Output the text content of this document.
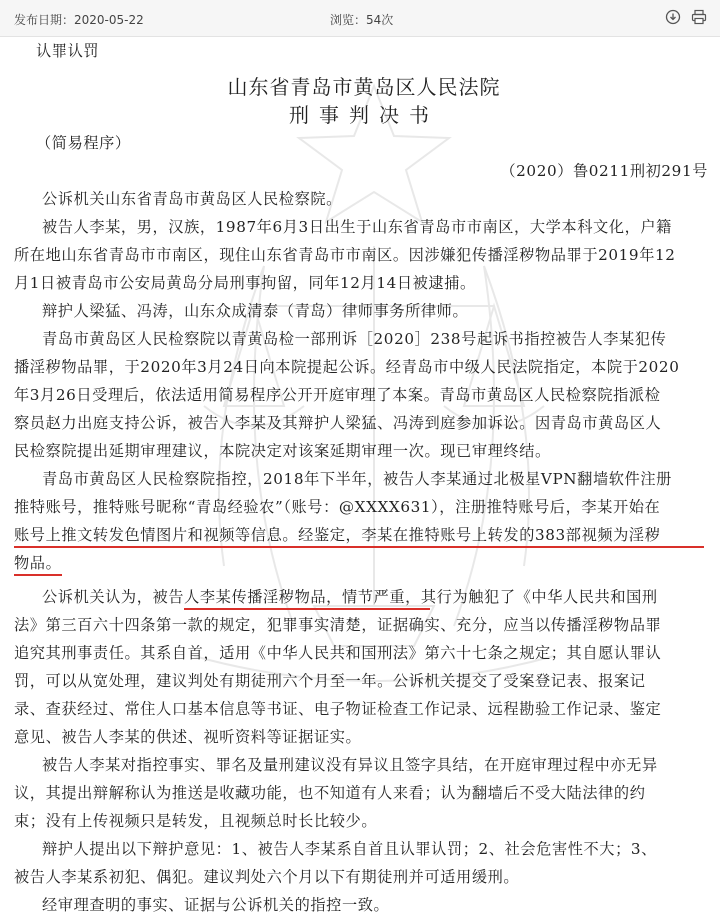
发布日期：2020-05-22	浏览：54次
认罪认罚
山东省青岛市黄岛区人民法院
刑事判决书
（简易程序）
（2020）鲁0211刑初291号
公诉机关山东省青岛市黄岛区人民检察院。
被告人李某，男，汉族，1987年6月3日出生于山东省青岛市市南区，大学本科文化，户籍
所在地山东省青岛市市南区，现住山东省青岛市市南区。因涉嫌犯传播淫秽物品罪于2019年12
月1日被青岛市公安局黄岛分局刑事拘留，同年12月14日被逮捕。
辩护人梁猛、冯涛，山东众成清泰（青岛）律师事务所律师。
青岛市黄岛区人民检察院以青黄岛检一部刑诉［2020］238号起诉书指控被告人李某犯传
播淫秽物品罪，于2020年3月24日向本院提起公诉。经青岛市中级人民法院指定，本院于2020
年3月26日受理后，依法适用简易程序公开开庭审理了本案。青岛市黄岛区人民检察院指派检
察员赵力出庭支持公诉，被告人李某及其辩护人梁猛、冯涛到庭参加诉讼。因青岛市黄岛区人
民检察院提出延期审理建议，本院决定对该案延期审理一次。现已审理终结。
青岛市黄岛区人民检察院指控，2018年下半年，被告人李某通过北极星VPN翻墙软件注册
推特账号，推特账号昵称“青岛经验农”（账号：@XXXX631），注册推特账号后，李某开始在
账号上推文转发色情图片和视频等信息。经鉴定，李某在推特账号上转发的383部视频为淫秽
物品。
公诉机关认为，被告人李某传播淫秽物品，情节严重，其行为触犯了《中华人民共和国刑
法》第三百六十四条第一款的规定，犯罪事实清楚，证据确实、充分，应当以传播淫秽物品罪
追究其刑事责任。其系自首，适用《中华人民共和国刑法》第六十七条之规定；其自愿认罪认
罚，可以从宽处理，建议判处有期徒刑六个月至一年。公诉机关提交了受案登记表、报案记
录、查获经过、常住人口基本信息等书证、电子物证检查工作记录、远程勘验工作记录、鉴定
意见、被告人李某的供述、视听资料等证据证实。
被告人李某对指控事实、罪名及量刑建议没有异议且签字具结，在开庭审理过程中亦无异
议，其提出辩解称认为推送是收藏功能，也不知道有人来看；认为翻墙后不受大陆法律的约
束；没有上传视频只是转发，且视频总时长比较少。
辩护人提出以下辩护意见：1、被告人李某系自首且认罪认罚；2、社会危害性不大；3、
被告人李某系初犯、偶犯。建议判处六个月以下有期徒刑并可适用缓刑。
经审理查明的事实、证据与公诉机关的指控一致。
